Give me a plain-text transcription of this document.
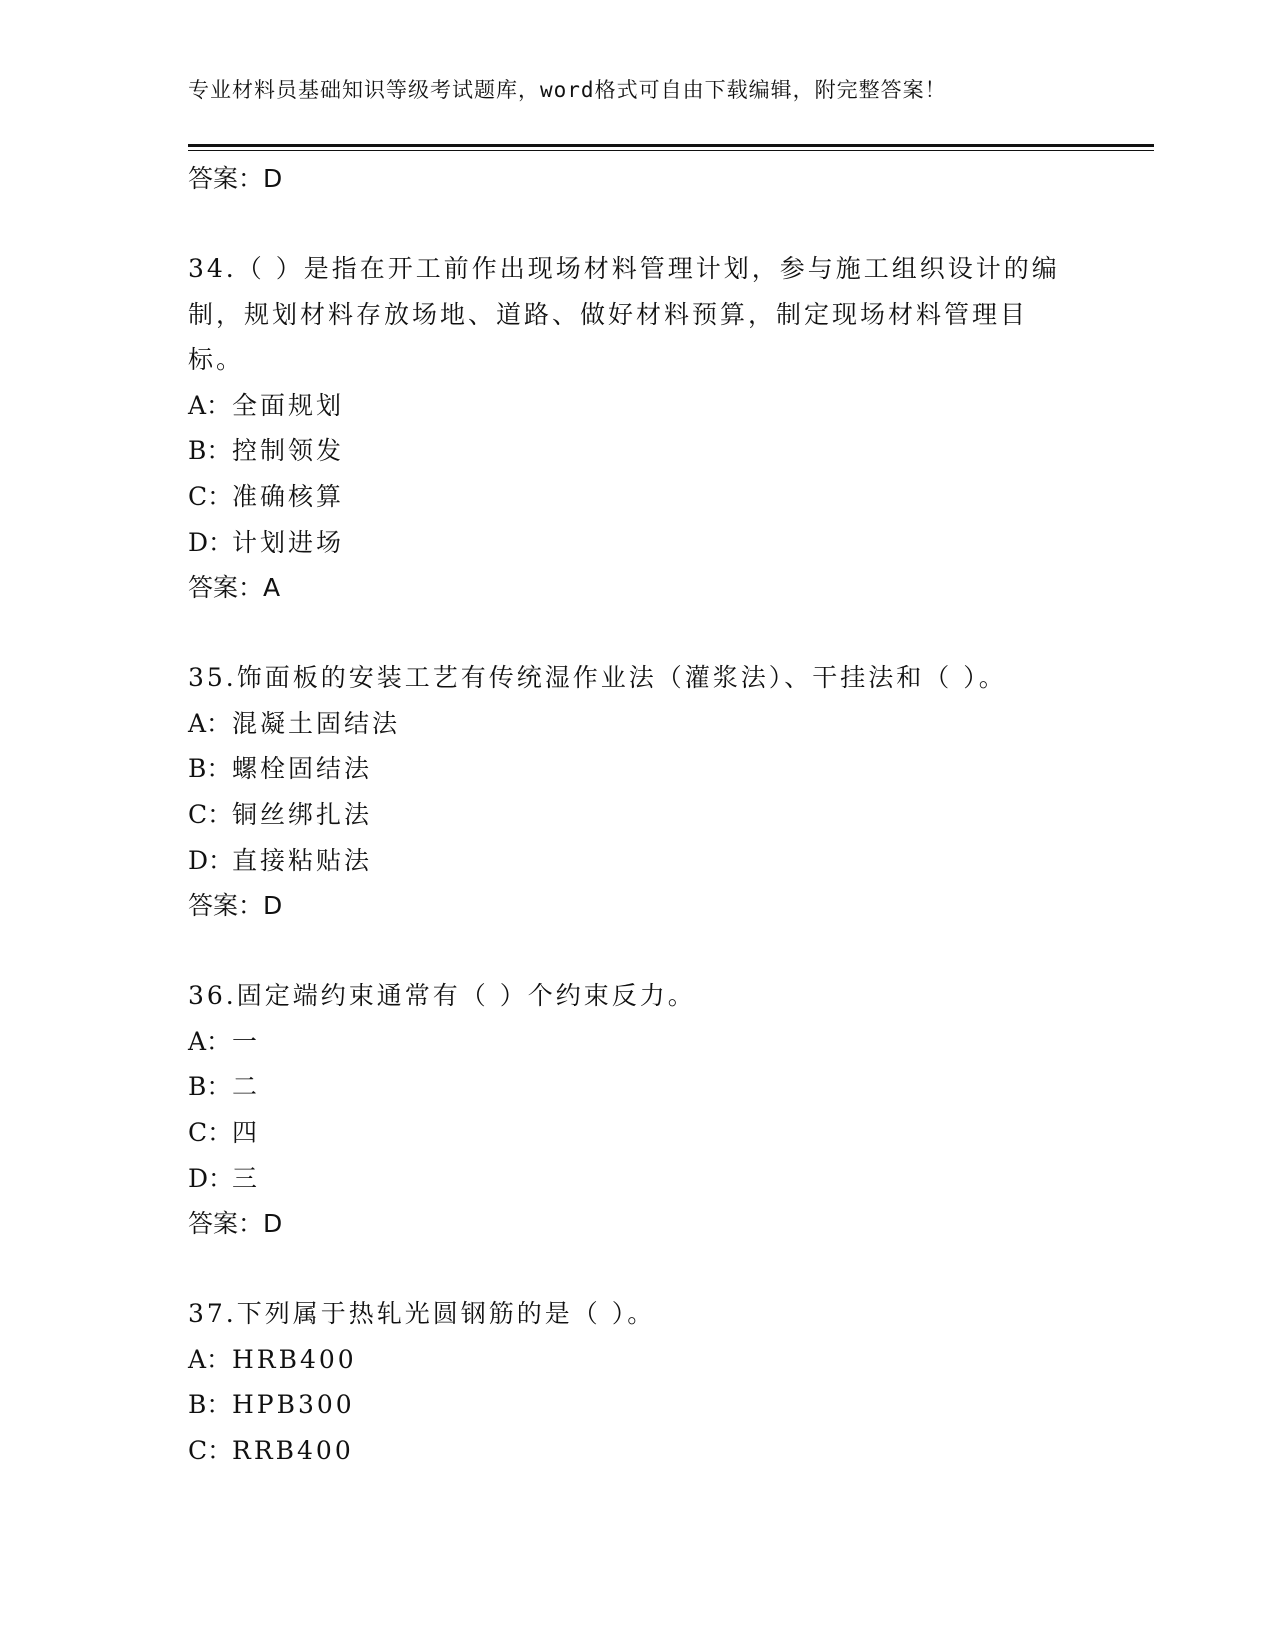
专业材料员基础知识等级考试题库，word格式可自由下载编辑，附完整答案！
答案：D

34.（ ）是指在开工前作出现场材料管理计划，参与施工组织设计的编制，规划材料存放场地、道路、做好材料预算，制定现场材料管理目标。

A：全面规划
B：控制领发
C：准确核算
D：计划进场
答案：A

35.饰面板的安装工艺有传统湿作业法（灌浆法）、干挂法和（ ）。

A：混凝土固结法
B：螺栓固结法
C：铜丝绑扎法
D：直接粘贴法
答案：D

36.固定端约束通常有（ ）个约束反力。

A：一
B：二
C：四
D：三
答案：D

37.下列属于热轧光圆钢筋的是（ ）。

A：HRB400
B：HPB300
C：RRB400
